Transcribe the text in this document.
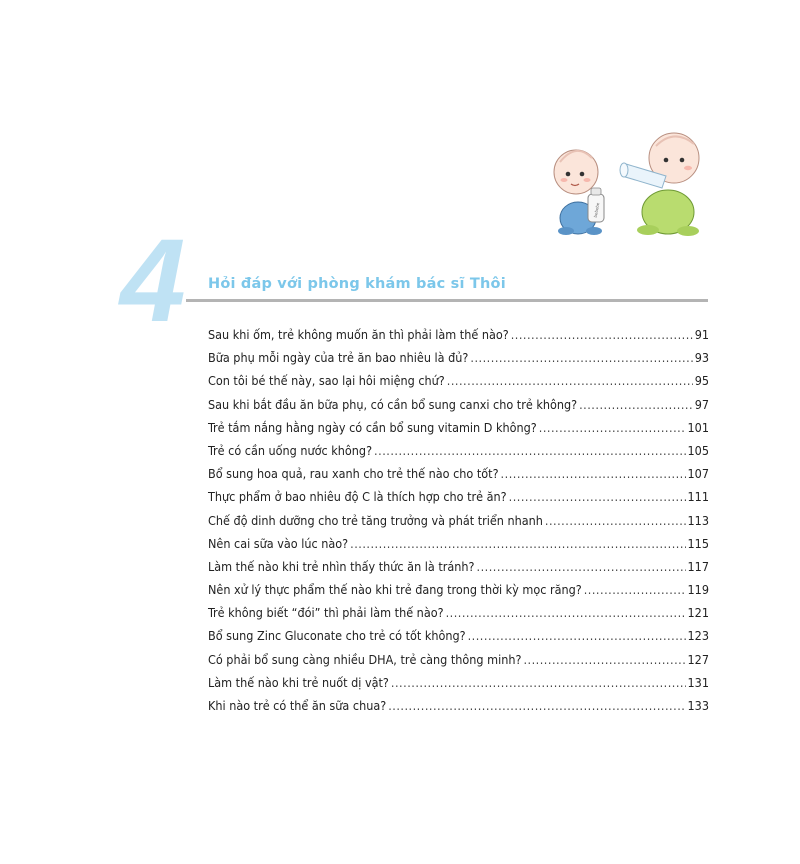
bebebe
4 Hỏi đáp với phòng khám bác sĩ Thôi
Sau khi ốm, trẻ không muốn ăn thì phải làm thế nào? .....	91
Bữa phụ mỗi ngày của trẻ ăn bao nhiêu là đủ? .....	93
Con tôi bé thế này, sao lại hôi miệng chứ? .....	95
Sau khi bắt đầu ăn bữa phụ, có cần bổ sung canxi cho trẻ không? .....	97
Trẻ tắm nắng hằng ngày có cần bổ sung vitamin D không? .....	101
Trẻ có cần uống nước không? .....	105
Bổ sung hoa quả, rau xanh cho trẻ thế nào cho tốt? .....	107
Thực phẩm ở bao nhiêu độ C là thích hợp cho trẻ ăn? .....	111
Chế độ dinh dưỡng cho trẻ tăng trưởng và phát triển nhanh .....	113
Nên cai sữa vào lúc nào? .....	115
Làm thế nào khi trẻ nhìn thấy thức ăn là tránh? .....	117
Nên xử lý thực phẩm thế nào khi trẻ đang trong thời kỳ mọc răng? .....	119
Trẻ không biết “đói” thì phải làm thế nào? .....	121
Bổ sung Zinc Gluconate cho trẻ có tốt không? .....	123
Có phải bổ sung càng nhiều DHA, trẻ càng thông minh? .....	127
Làm thế nào khi trẻ nuốt dị vật? .....	131
Khi nào trẻ có thể ăn sữa chua? .....	133
